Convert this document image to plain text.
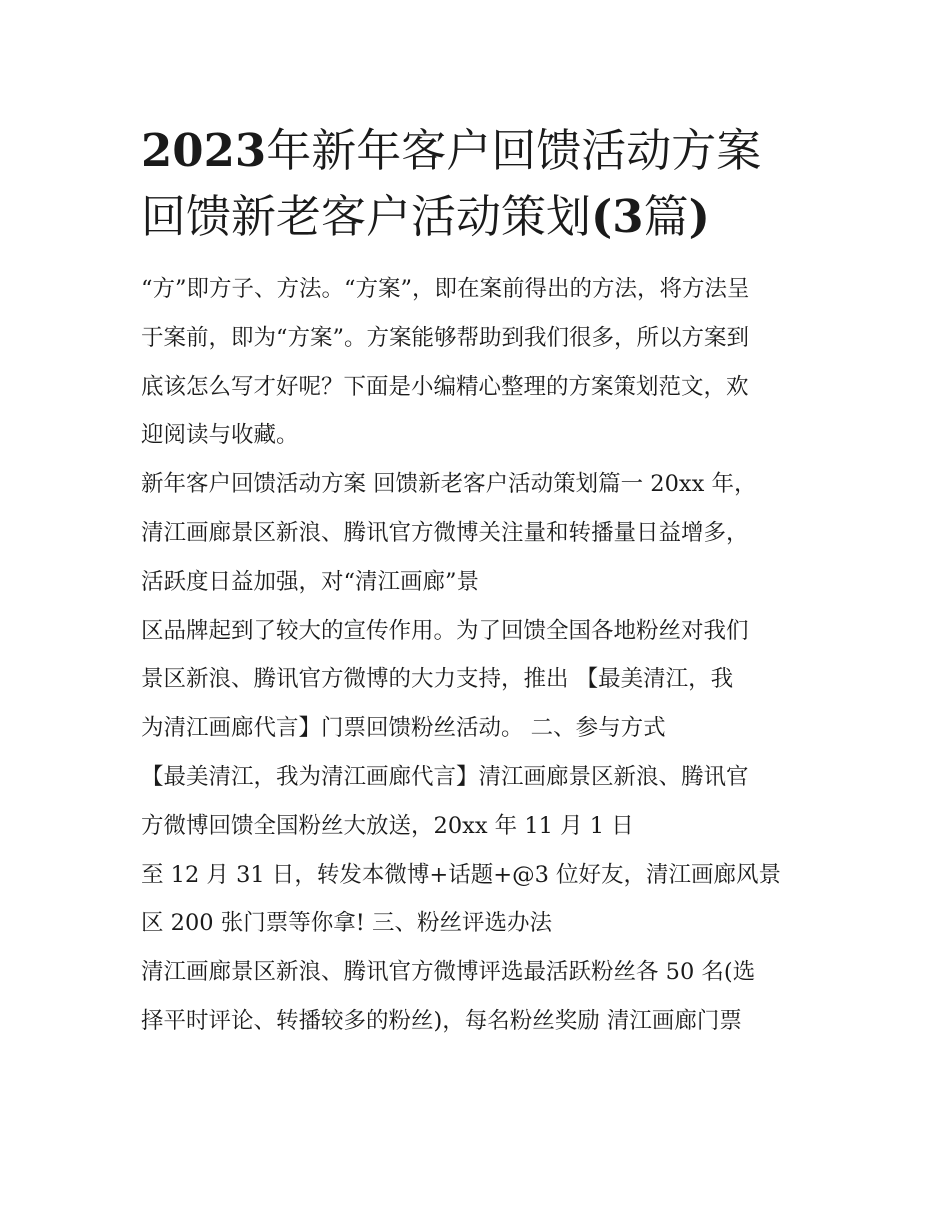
2023年新年客户回馈活动方案
回馈新老客户活动策划(3篇)
“方”即方子、方法。“方案”，即在案前得出的方法，将方法呈
于案前，即为“方案”。方案能够帮助到我们很多，所以方案到
底该怎么写才好呢？下面是小编精心整理的方案策划范文，欢
迎阅读与收藏。
新年客户回馈活动方案 回馈新老客户活动策划篇一 20xx 年，
清江画廊景区新浪、腾讯官方微博关注量和转播量日益增多，
活跃度日益加强，对“清江画廊”景
区品牌起到了较大的宣传作用。为了回馈全国各地粉丝对我们
景区新浪、腾讯官方微博的大力支持，推出 【最美清江，我
为清江画廊代言】门票回馈粉丝活动。 二、参与方式
【最美清江，我为清江画廊代言】清江画廊景区新浪、腾讯官
方微博回馈全国粉丝大放送，20xx 年 11 月 1 日
至 12 月 31 日，转发本微博+话题+@3 位好友，清江画廊风景
区 200 张门票等你拿! 三、粉丝评选办法
清江画廊景区新浪、腾讯官方微博评选最活跃粉丝各 50 名(选
择平时评论、转播较多的粉丝)，每名粉丝奖励 清江画廊门票
